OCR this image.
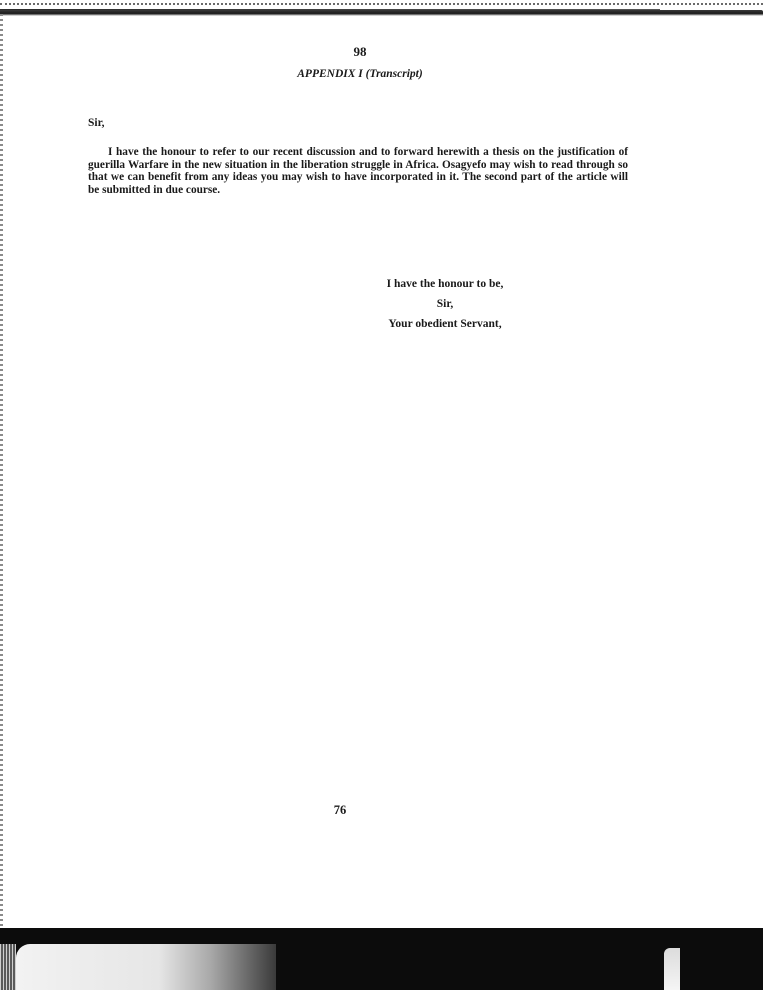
98
APPENDIX I (Transcript)
Sir,
I have the honour to refer to our recent discussion and to forward herewith a thesis on the justification of guerilla Warfare in the new situation in the liberation struggle in Africa. Osagyefo may wish to read through so that we can benefit from any ideas you may wish to have incorporated in it. The second part of the article will be submitted in due course.
I have the honour to be,
Sir,
Your obedient Servant,
76
